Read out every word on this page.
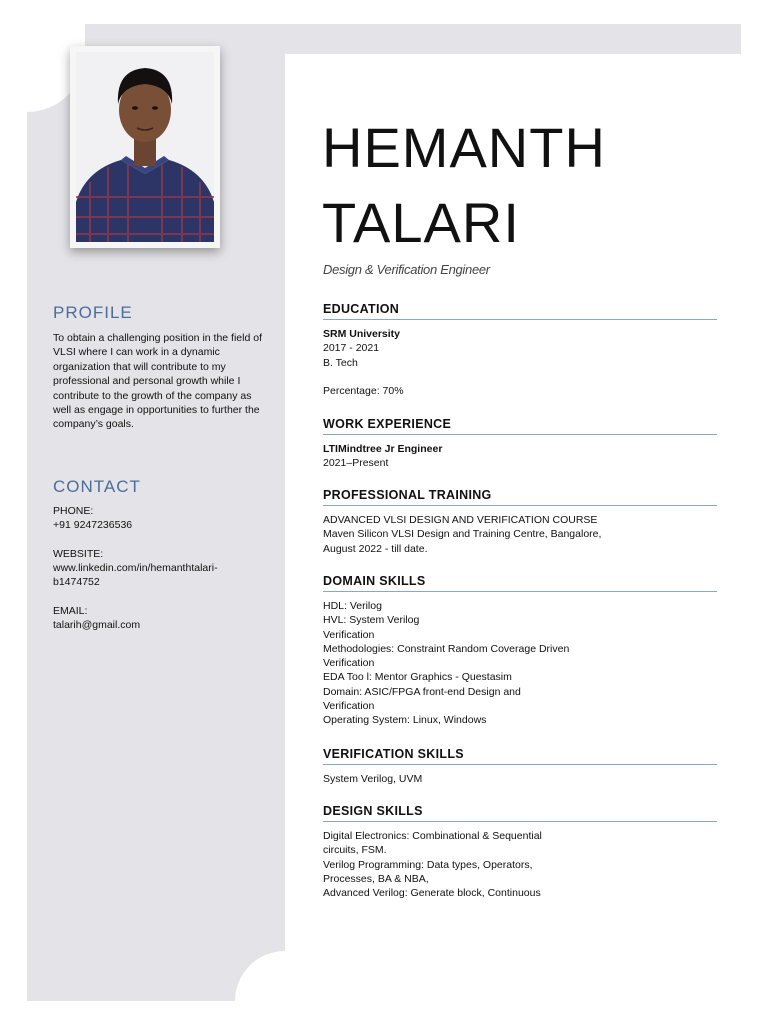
HEMANTH
TALARI

Design & Verification Engineer

PROFILE

To obtain a challenging position in the field of VLSI where I can work in a dynamic organization that will contribute to my professional and personal growth while I contribute to the growth of the company as well as engage in opportunities to further the company’s goals.

CONTACT
PHONE:
+91 9247236536
WEBSITE:
www.linkedin.com/in/hemanthtalari-
b1474752
EMAIL:
talarih@gmail.com
EDUCATION
SRM University
2017 - 2021
B. Tech
Percentage: 70%
WORK EXPERIENCE
LTIMindtree Jr Engineer
2021–Present
PROFESSIONAL TRAINING
ADVANCED VLSI DESIGN AND VERIFICATION COURSE
Maven Silicon VLSI Design and Training Centre, Bangalore,
August 2022 - till date.
DOMAIN SKILLS
HDL: Verilog
HVL: System Verilog
Verification
Methodologies: Constraint Random Coverage Driven
Verification
EDA Too l: Mentor Graphics - Questasim
Domain: ASIC/FPGA front-end Design and
Verification
Operating System: Linux, Windows
VERIFICATION SKILLS
System Verilog, UVM
DESIGN SKILLS
Digital Electronics: Combinational & Sequential
circuits, FSM.
Verilog Programming: Data types, Operators,
Processes, BA & NBA,
Advanced Verilog: Generate block, Continuous
